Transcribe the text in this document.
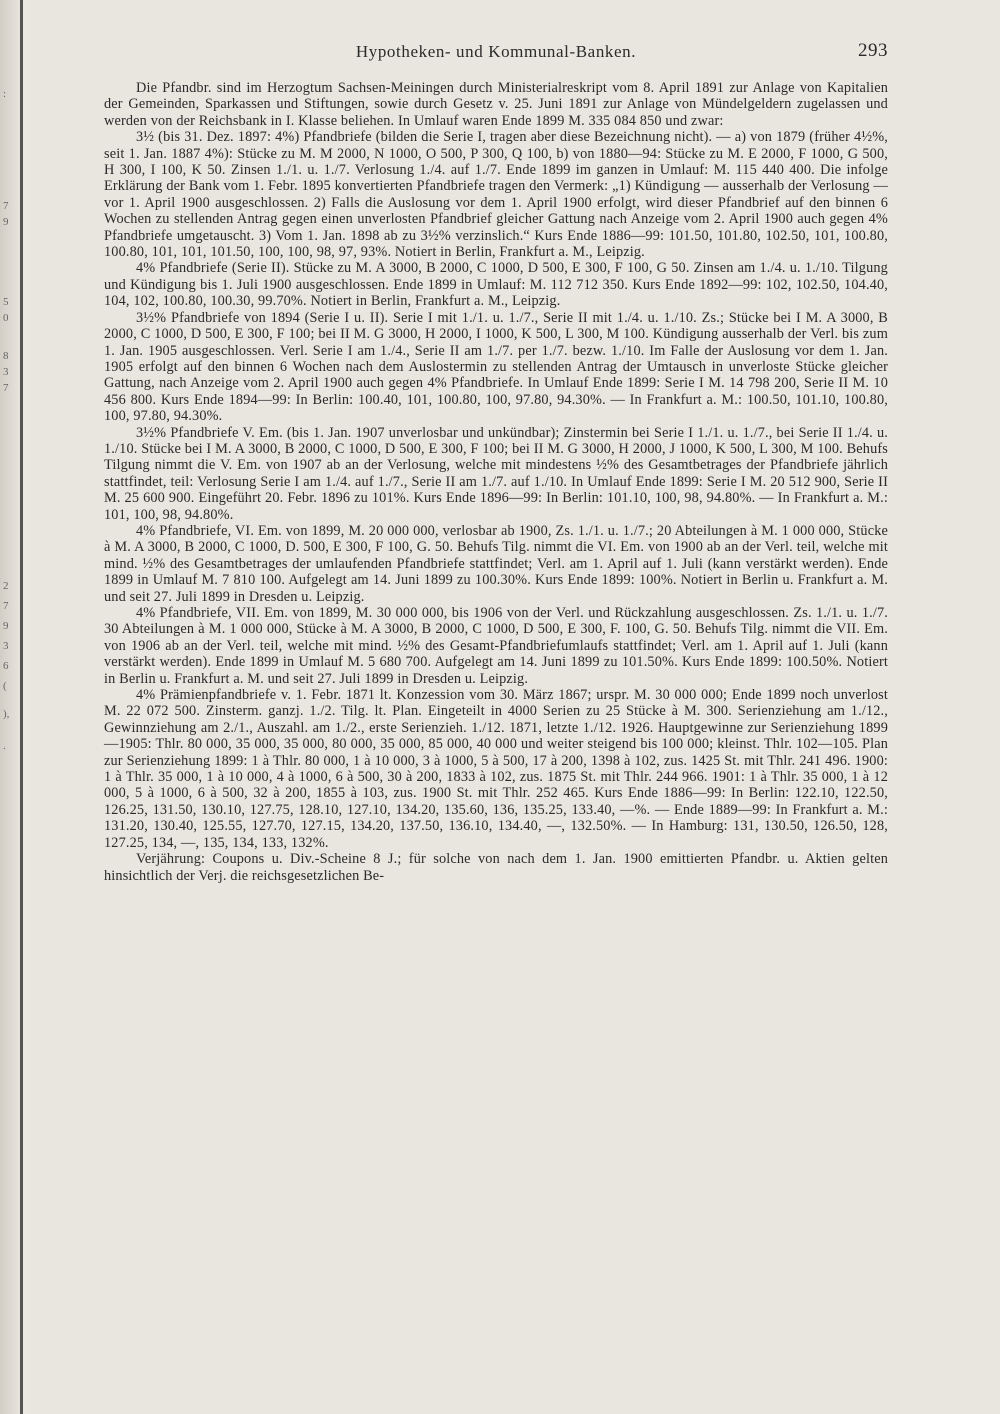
:
7
9
5
0
8
3
7
2
7
9
3
6
(
),
.
Hypotheken- und Kommunal-Banken.	293

Die Pfandbr. sind im Herzogtum Sachsen-Meiningen durch Ministerialreskript vom 8. April 1891 zur Anlage von Kapitalien der Gemeinden, Sparkassen und Stiftungen, sowie durch Gesetz v. 25. Juni 1891 zur Anlage von Mündelgeldern zugelassen und werden von der Reichsbank in I. Klasse beliehen. In Umlauf waren Ende 1899 M. 335 084 850 und zwar:

3½ (bis 31. Dez. 1897: 4%) Pfandbriefe (bilden die Serie I, tragen aber diese Bezeichnung nicht). — a) von 1879 (früher 4½%, seit 1. Jan. 1887 4%): Stücke zu M. M 2000, N 1000, O 500, P 300, Q 100, b) von 1880—94: Stücke zu M. E 2000, F 1000, G 500, H 300, I 100, K 50. Zinsen 1./1. u. 1./7. Verlosung 1./4. auf 1./7. Ende 1899 im ganzen in Umlauf: M. 115 440 400. Die infolge Erklärung der Bank vom 1. Febr. 1895 konvertierten Pfandbriefe tragen den Vermerk: „1) Kündigung — ausserhalb der Verlosung — vor 1. April 1900 ausgeschlossen. 2) Falls die Auslosung vor dem 1. April 1900 erfolgt, wird dieser Pfandbrief auf den binnen 6 Wochen zu stellenden Antrag gegen einen unverlosten Pfandbrief gleicher Gattung nach Anzeige vom 2. April 1900 auch gegen 4% Pfandbriefe umgetauscht. 3) Vom 1. Jan. 1898 ab zu 3½% verzinslich.“ Kurs Ende 1886—99: 101.50, 101.80, 102.50, 101, 100.80, 100.80, 101, 101, 101.50, 100, 100, 98, 97, 93%. Notiert in Berlin, Frankfurt a. M., Leipzig.

4% Pfandbriefe (Serie II). Stücke zu M. A 3000, B 2000, C 1000, D 500, E 300, F 100, G 50. Zinsen am 1./4. u. 1./10. Tilgung und Kündigung bis 1. Juli 1900 ausgeschlossen. Ende 1899 in Umlauf: M. 112 712 350. Kurs Ende 1892—99: 102, 102.50, 104.40, 104, 102, 100.80, 100.30, 99.70%. Notiert in Berlin, Frankfurt a. M., Leipzig.

3½% Pfandbriefe von 1894 (Serie I u. II). Serie I mit 1./1. u. 1./7., Serie II mit 1./4. u. 1./10. Zs.; Stücke bei I M. A 3000, B 2000, C 1000, D 500, E 300, F 100; bei II M. G 3000, H 2000, I 1000, K 500, L 300, M 100. Kündigung ausserhalb der Verl. bis zum 1. Jan. 1905 ausgeschlossen. Verl. Serie I am 1./4., Serie II am 1./7. per 1./7. bezw. 1./10. Im Falle der Auslosung vor dem 1. Jan. 1905 erfolgt auf den binnen 6 Wochen nach dem Auslostermin zu stellenden Antrag der Umtausch in unverloste Stücke gleicher Gattung, nach Anzeige vom 2. April 1900 auch gegen 4% Pfandbriefe. In Umlauf Ende 1899: Serie I M. 14 798 200, Serie II M. 10 456 800. Kurs Ende 1894—99: In Berlin: 100.40, 101, 100.80, 100, 97.80, 94.30%. — In Frankfurt a. M.: 100.50, 101.10, 100.80, 100, 97.80, 94.30%.

3½% Pfandbriefe V. Em. (bis 1. Jan. 1907 unverlosbar und unkündbar); Zinstermin bei Serie I 1./1. u. 1./7., bei Serie II 1./4. u. 1./10. Stücke bei I M. A 3000, B 2000, C 1000, D 500, E 300, F 100; bei II M. G 3000, H 2000, J 1000, K 500, L 300, M 100. Behufs Tilgung nimmt die V. Em. von 1907 ab an der Verlosung, welche mit mindestens ½% des Gesamtbetrages der Pfandbriefe jährlich stattfindet, teil: Verlosung Serie I am 1./4. auf 1./7., Serie II am 1./7. auf 1./10. In Umlauf Ende 1899: Serie I M. 20 512 900, Serie II M. 25 600 900. Eingeführt 20. Febr. 1896 zu 101%. Kurs Ende 1896—99: In Berlin: 101.10, 100, 98, 94.80%. — In Frankfurt a. M.: 101, 100, 98, 94.80%.

4% Pfandbriefe, VI. Em. von 1899, M. 20 000 000, verlosbar ab 1900, Zs. 1./1. u. 1./7.; 20 Abteilungen à M. 1 000 000, Stücke à M. A 3000, B 2000, C 1000, D. 500, E 300, F 100, G. 50. Behufs Tilg. nimmt die VI. Em. von 1900 ab an der Verl. teil, welche mit mind. ½% des Gesamtbetrages der umlaufenden Pfandbriefe stattfindet; Verl. am 1. April auf 1. Juli (kann verstärkt werden). Ende 1899 in Umlauf M. 7 810 100. Aufgelegt am 14. Juni 1899 zu 100.30%. Kurs Ende 1899: 100%. Notiert in Berlin u. Frankfurt a. M. und seit 27. Juli 1899 in Dresden u. Leipzig.

4% Pfandbriefe, VII. Em. von 1899, M. 30 000 000, bis 1906 von der Verl. und Rückzahlung ausgeschlossen. Zs. 1./1. u. 1./7. 30 Abteilungen à M. 1 000 000, Stücke à M. A 3000, B 2000, C 1000, D 500, E 300, F. 100, G. 50. Behufs Tilg. nimmt die VII. Em. von 1906 ab an der Verl. teil, welche mit mind. ½% des Gesamt-Pfandbriefumlaufs stattfindet; Verl. am 1. April auf 1. Juli (kann verstärkt werden). Ende 1899 in Umlauf M. 5 680 700. Aufgelegt am 14. Juni 1899 zu 101.50%. Kurs Ende 1899: 100.50%. Notiert in Berlin u. Frankfurt a. M. und seit 27. Juli 1899 in Dresden u. Leipzig.

4% Prämienpfandbriefe v. 1. Febr. 1871 lt. Konzession vom 30. März 1867; urspr. M. 30 000 000; Ende 1899 noch unverlost M. 22 072 500. Zinsterm. ganzj. 1./2. Tilg. lt. Plan. Eingeteilt in 4000 Serien zu 25 Stücke à M. 300. Serienziehung am 1./12., Gewinnziehung am 2./1., Auszahl. am 1./2., erste Serienzieh. 1./12. 1871, letzte 1./12. 1926. Hauptgewinne zur Serienziehung 1899—1905: Thlr. 80 000, 35 000, 35 000, 80 000, 35 000, 85 000, 40 000 und weiter steigend bis 100 000; kleinst. Thlr. 102—105. Plan zur Serienziehung 1899: 1 à Thlr. 80 000, 1 à 10 000, 3 à 1000, 5 à 500, 17 à 200, 1398 à 102, zus. 1425 St. mit Thlr. 241 496. 1900: 1 à Thlr. 35 000, 1 à 10 000, 4 à 1000, 6 à 500, 30 à 200, 1833 à 102, zus. 1875 St. mit Thlr. 244 966. 1901: 1 à Thlr. 35 000, 1 à 12 000, 5 à 1000, 6 à 500, 32 à 200, 1855 à 103, zus. 1900 St. mit Thlr. 252 465. Kurs Ende 1886—99: In Berlin: 122.10, 122.50, 126.25, 131.50, 130.10, 127.75, 128.10, 127.10, 134.20, 135.60, 136, 135.25, 133.40, —%. — Ende 1889—99: In Frankfurt a. M.: 131.20, 130.40, 125.55, 127.70, 127.15, 134.20, 137.50, 136.10, 134.40, —, 132.50%. — In Hamburg: 131, 130.50, 126.50, 128, 127.25, 134, —, 135, 134, 133, 132%.

Verjährung: Coupons u. Div.-Scheine 8 J.; für solche von nach dem 1. Jan. 1900 emittierten Pfandbr. u. Aktien gelten hinsichtlich der Verj. die reichsgesetzlichen Be-
